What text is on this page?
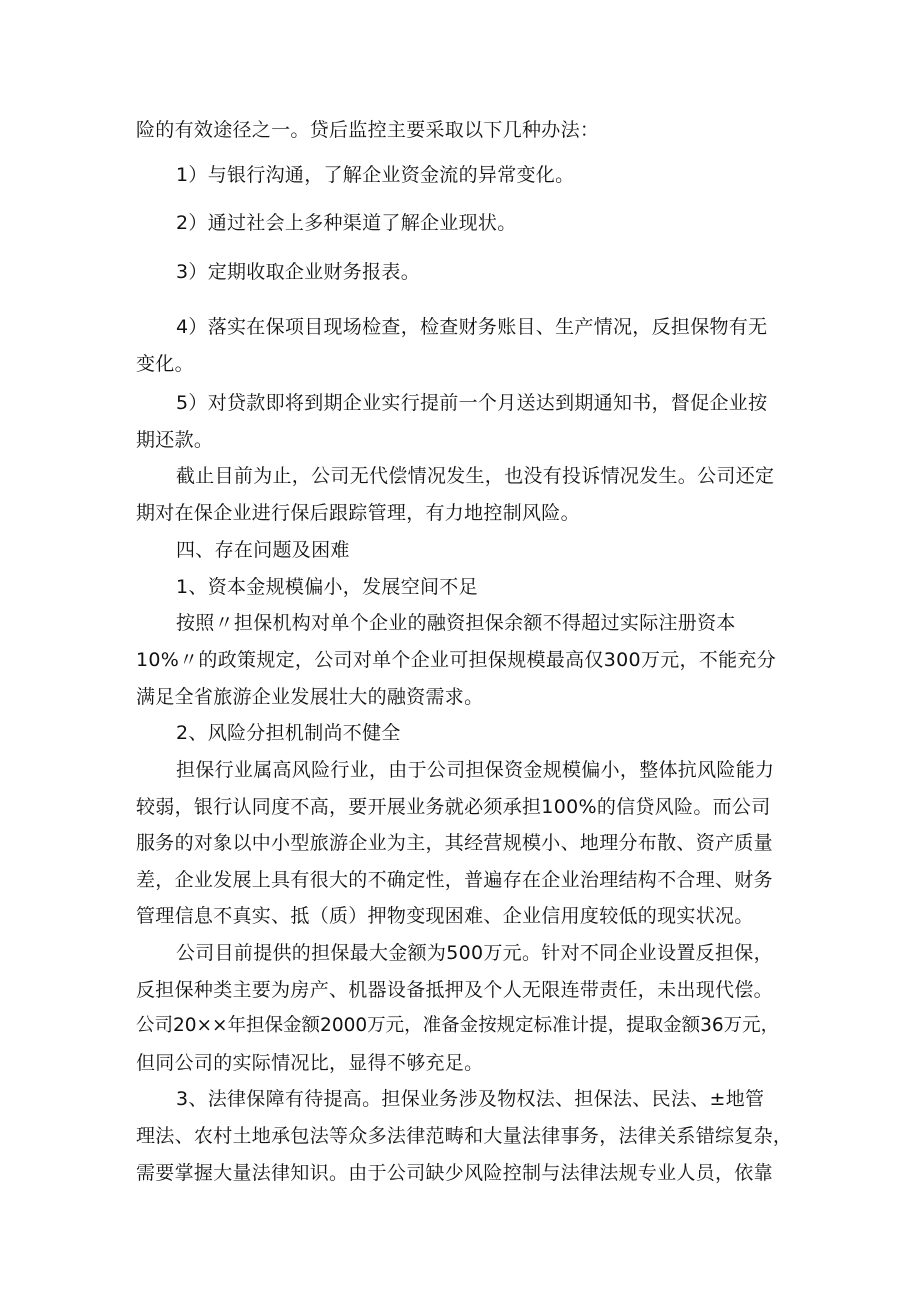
险的有效途径之一。贷后监控主要采取以下几种办法：
1）与银行沟通，了解企业资金流的异常变化。
2）通过社会上多种渠道了解企业现状。
3）定期收取企业财务报表。
4）落实在保项目现场检查，检查财务账目、生产情况，反担保物有无
变化。
5）对贷款即将到期企业实行提前一个月送达到期通知书，督促企业按
期还款。
截止目前为止，公司无代偿情况发生，也没有投诉情况发生。公司还定
期对在保企业进行保后跟踪管理，有力地控制风险。
四、存在问题及困难
1、资本金规模偏小，发展空间不足
按照〃担保机构对单个企业的融资担保余额不得超过实际注册资本
10%〃的政策规定，公司对单个企业可担保规模最高仅300万元，不能充分
满足全省旅游企业发展壮大的融资需求。
2、风险分担机制尚不健全
担保行业属高风险行业，由于公司担保资金规模偏小，整体抗风险能力
较弱，银行认同度不高，要开展业务就必须承担100%的信贷风险。而公司
服务的对象以中小型旅游企业为主，其经营规模小、地理分布散、资产质量
差，企业发展上具有很大的不确定性，普遍存在企业治理结构不合理、财务
管理信息不真实、抵（质）押物变现困难、企业信用度较低的现实状况。
公司目前提供的担保最大金额为500万元。针对不同企业设置反担保，
反担保种类主要为房产、机器设备抵押及个人无限连带责任，未出现代偿。
公司20××年担保金额2000万元，准备金按规定标准计提，提取金额36万元，
但同公司的实际情况比，显得不够充足。
3、法律保障有待提高。担保业务涉及物权法、担保法、民法、±地管
理法、农村土地承包法等众多法律范畴和大量法律事务，法律关系错综复杂，
需要掌握大量法律知识。由于公司缺少风险控制与法律法规专业人员，依靠
